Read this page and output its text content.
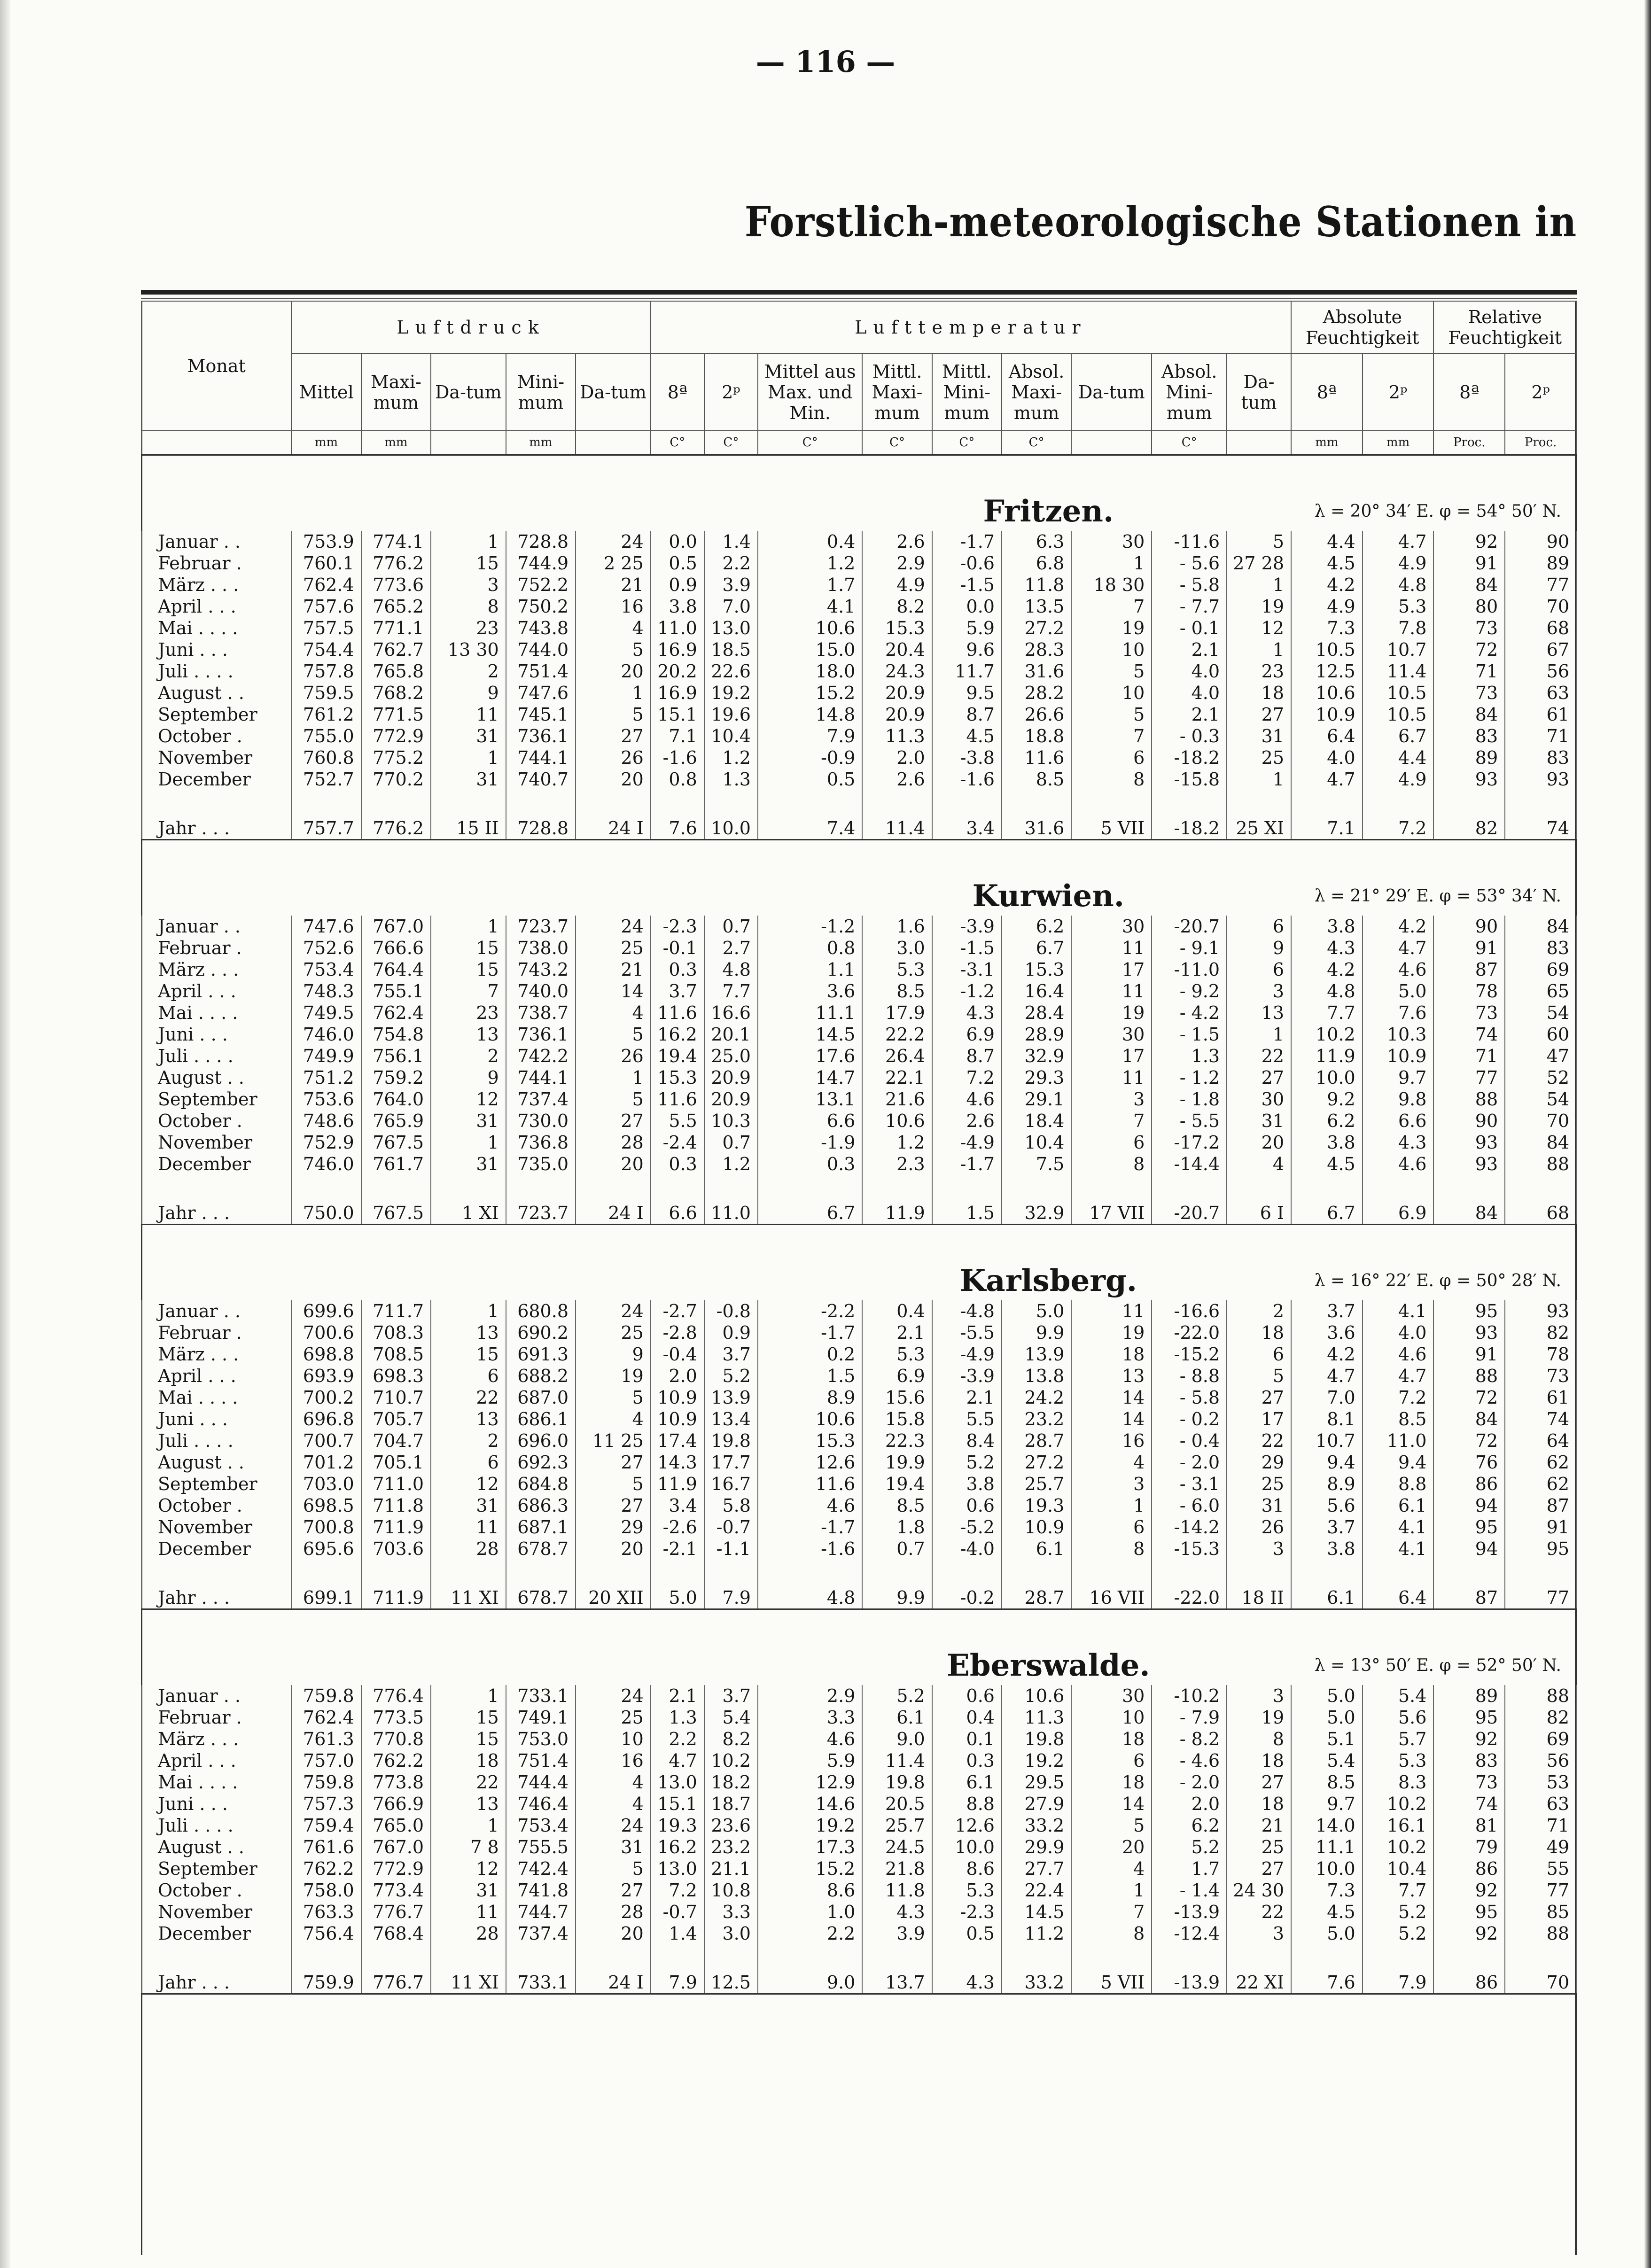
— 116 —
Forstlich-meteorologische Stationen in
Monat	Luftdruck					Lufttemperatur									Absolute Feuchtigkeit		Relative Feuchtigkeit	
	Mittel	Maxi-mum	Da-tum	Mini-mum	Da-tum	8ª	2ᵖ	Mittel aus Max. und Min.	Mittl. Maxi-mum	Mittl. Mini-mum	Absol. Maxi-mum	Da-tum	Absol. Mini-mum	Da-tum	8ª	2ᵖ	8ª	2ᵖ
	mm	mm		mm		C°	C°	C°	C°	C°	C°		C°		mm	mm	Proc.	Proc.
Fritzen. λ = 20° 34′ E. φ = 54° 50′ N.																		

Januar . .	753.9	774.1	1	728.8	24	0.0	1.4	0.4	2.6	-1.7	6.3	30	-11.6	5	4.4	4.7	92	90
Februar .	760.1	776.2	15	744.9	2 25	0.5	2.2	1.2	2.9	-0.6	6.8	1	- 5.6	27 28	4.5	4.9	91	89
März . . .	762.4	773.6	3	752.2	21	0.9	3.9	1.7	4.9	-1.5	11.8	18 30	- 5.8	1	4.2	4.8	84	77
April . . .	757.6	765.2	8	750.2	16	3.8	7.0	4.1	8.2	0.0	13.5	7	- 7.7	19	4.9	5.3	80	70
Mai . . . .	757.5	771.1	23	743.8	4	11.0	13.0	10.6	15.3	5.9	27.2	19	- 0.1	12	7.3	7.8	73	68
Juni . . .	754.4	762.7	13 30	744.0	5	16.9	18.5	15.0	20.4	9.6	28.3	10	2.1	1	10.5	10.7	72	67
Juli . . . .	757.8	765.8	2	751.4	20	20.2	22.6	18.0	24.3	11.7	31.6	5	4.0	23	12.5	11.4	71	56
August . .	759.5	768.2	9	747.6	1	16.9	19.2	15.2	20.9	9.5	28.2	10	4.0	18	10.6	10.5	73	63
September	761.2	771.5	11	745.1	5	15.1	19.6	14.8	20.9	8.7	26.6	5	2.1	27	10.9	10.5	84	61
October .	755.0	772.9	31	736.1	27	7.1	10.4	7.9	11.3	4.5	18.8	7	- 0.3	31	6.4	6.7	83	71
November	760.8	775.2	1	744.1	26	-1.6	1.2	-0.9	2.0	-3.8	11.6	6	-18.2	25	4.0	4.4	89	83
December	752.7	770.2	31	740.7	20	0.8	1.3	0.5	2.6	-1.6	8.5	8	-15.8	1	4.7	4.9	93	93

Jahr . . .	757.7	776.2	15 II	728.8	24 I	7.6	10.0	7.4	11.4	3.4	31.6	5 VII	-18.2	25 XI	7.1	7.2	82	74
Kurwien. λ = 21° 29′ E. φ = 53° 34′ N.																		

Januar . .	747.6	767.0	1	723.7	24	-2.3	0.7	-1.2	1.6	-3.9	6.2	30	-20.7	6	3.8	4.2	90	84
Februar .	752.6	766.6	15	738.0	25	-0.1	2.7	0.8	3.0	-1.5	6.7	11	- 9.1	9	4.3	4.7	91	83
März . . .	753.4	764.4	15	743.2	21	0.3	4.8	1.1	5.3	-3.1	15.3	17	-11.0	6	4.2	4.6	87	69
April . . .	748.3	755.1	7	740.0	14	3.7	7.7	3.6	8.5	-1.2	16.4	11	- 9.2	3	4.8	5.0	78	65
Mai . . . .	749.5	762.4	23	738.7	4	11.6	16.6	11.1	17.9	4.3	28.4	19	- 4.2	13	7.7	7.6	73	54
Juni . . .	746.0	754.8	13	736.1	5	16.2	20.1	14.5	22.2	6.9	28.9	30	- 1.5	1	10.2	10.3	74	60
Juli . . . .	749.9	756.1	2	742.2	26	19.4	25.0	17.6	26.4	8.7	32.9	17	1.3	22	11.9	10.9	71	47
August . .	751.2	759.2	9	744.1	1	15.3	20.9	14.7	22.1	7.2	29.3	11	- 1.2	27	10.0	9.7	77	52
September	753.6	764.0	12	737.4	5	11.6	20.9	13.1	21.6	4.6	29.1	3	- 1.8	30	9.2	9.8	88	54
October .	748.6	765.9	31	730.0	27	5.5	10.3	6.6	10.6	2.6	18.4	7	- 5.5	31	6.2	6.6	90	70
November	752.9	767.5	1	736.8	28	-2.4	0.7	-1.9	1.2	-4.9	10.4	6	-17.2	20	3.8	4.3	93	84
December	746.0	761.7	31	735.0	20	0.3	1.2	0.3	2.3	-1.7	7.5	8	-14.4	4	4.5	4.6	93	88

Jahr . . .	750.0	767.5	1 XI	723.7	24 I	6.6	11.0	6.7	11.9	1.5	32.9	17 VII	-20.7	6 I	6.7	6.9	84	68
Karlsberg. λ = 16° 22′ E. φ = 50° 28′ N.																		

Januar . .	699.6	711.7	1	680.8	24	-2.7	-0.8	-2.2	0.4	-4.8	5.0	11	-16.6	2	3.7	4.1	95	93
Februar .	700.6	708.3	13	690.2	25	-2.8	0.9	-1.7	2.1	-5.5	9.9	19	-22.0	18	3.6	4.0	93	82
März . . .	698.8	708.5	15	691.3	9	-0.4	3.7	0.2	5.3	-4.9	13.9	18	-15.2	6	4.2	4.6	91	78
April . . .	693.9	698.3	6	688.2	19	2.0	5.2	1.5	6.9	-3.9	13.8	13	- 8.8	5	4.7	4.7	88	73
Mai . . . .	700.2	710.7	22	687.0	5	10.9	13.9	8.9	15.6	2.1	24.2	14	- 5.8	27	7.0	7.2	72	61
Juni . . .	696.8	705.7	13	686.1	4	10.9	13.4	10.6	15.8	5.5	23.2	14	- 0.2	17	8.1	8.5	84	74
Juli . . . .	700.7	704.7	2	696.0	11 25	17.4	19.8	15.3	22.3	8.4	28.7	16	- 0.4	22	10.7	11.0	72	64
August . .	701.2	705.1	6	692.3	27	14.3	17.7	12.6	19.9	5.2	27.2	4	- 2.0	29	9.4	9.4	76	62
September	703.0	711.0	12	684.8	5	11.9	16.7	11.6	19.4	3.8	25.7	3	- 3.1	25	8.9	8.8	86	62
October .	698.5	711.8	31	686.3	27	3.4	5.8	4.6	8.5	0.6	19.3	1	- 6.0	31	5.6	6.1	94	87
November	700.8	711.9	11	687.1	29	-2.6	-0.7	-1.7	1.8	-5.2	10.9	6	-14.2	26	3.7	4.1	95	91
December	695.6	703.6	28	678.7	20	-2.1	-1.1	-1.6	0.7	-4.0	6.1	8	-15.3	3	3.8	4.1	94	95

Jahr . . .	699.1	711.9	11 XI	678.7	20 XII	5.0	7.9	4.8	9.9	-0.2	28.7	16 VII	-22.0	18 II	6.1	6.4	87	77
Eberswalde. λ = 13° 50′ E. φ = 52° 50′ N.																		

Januar . .	759.8	776.4	1	733.1	24	2.1	3.7	2.9	5.2	0.6	10.6	30	-10.2	3	5.0	5.4	89	88
Februar .	762.4	773.5	15	749.1	25	1.3	5.4	3.3	6.1	0.4	11.3	10	- 7.9	19	5.0	5.6	95	82
März . . .	761.3	770.8	15	753.0	10	2.2	8.2	4.6	9.0	0.1	19.8	18	- 8.2	8	5.1	5.7	92	69
April . . .	757.0	762.2	18	751.4	16	4.7	10.2	5.9	11.4	0.3	19.2	6	- 4.6	18	5.4	5.3	83	56
Mai . . . .	759.8	773.8	22	744.4	4	13.0	18.2	12.9	19.8	6.1	29.5	18	- 2.0	27	8.5	8.3	73	53
Juni . . .	757.3	766.9	13	746.4	4	15.1	18.7	14.6	20.5	8.8	27.9	14	2.0	18	9.7	10.2	74	63
Juli . . . .	759.4	765.0	1	753.4	24	19.3	23.6	19.2	25.7	12.6	33.2	5	6.2	21	14.0	16.1	81	71
August . .	761.6	767.0	7 8	755.5	31	16.2	23.2	17.3	24.5	10.0	29.9	20	5.2	25	11.1	10.2	79	49
September	762.2	772.9	12	742.4	5	13.0	21.1	15.2	21.8	8.6	27.7	4	1.7	27	10.0	10.4	86	55
October .	758.0	773.4	31	741.8	27	7.2	10.8	8.6	11.8	5.3	22.4	1	- 1.4	24 30	7.3	7.7	92	77
November	763.3	776.7	11	744.7	28	-0.7	3.3	1.0	4.3	-2.3	14.5	7	-13.9	22	4.5	5.2	95	85
December	756.4	768.4	28	737.4	20	1.4	3.0	2.2	3.9	0.5	11.2	8	-12.4	3	5.0	5.2	92	88

Jahr . . .	759.9	776.7	11 XI	733.1	24 I	7.9	12.5	9.0	13.7	4.3	33.2	5 VII	-13.9	22 XI	7.6	7.9	86	70
